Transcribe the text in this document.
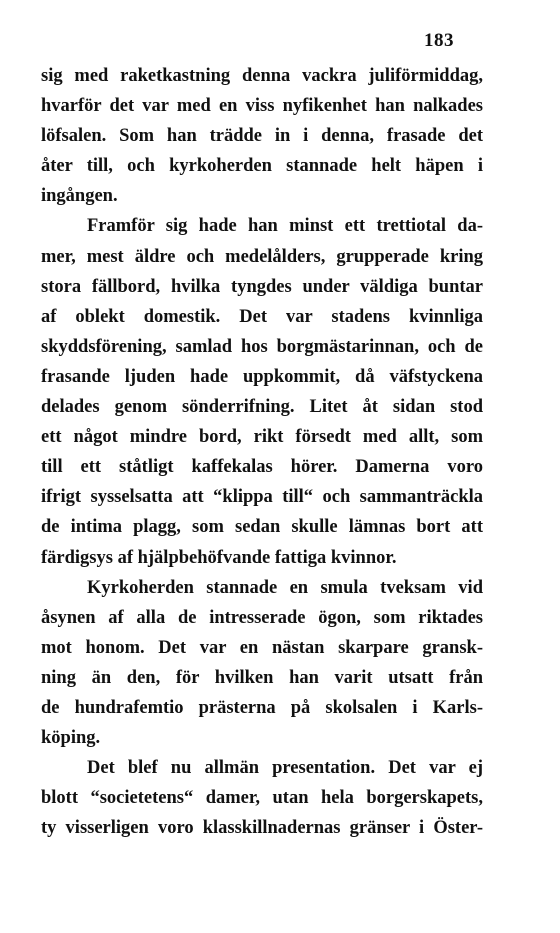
183
sig med raketkastning denna vackra juliförmiddag,
hvarför det var med en viss nyfikenhet han nalkades
löfsalen. Som han trädde in i denna, frasade det
åter till, och kyrkoherden stannade helt häpen i
ingången.
Framför sig hade han minst ett trettiotal da-
mer, mest äldre och medelålders, grupperade kring
stora fällbord, hvilka tyngdes under väldiga buntar
af oblekt domestik. Det var stadens kvinnliga
skyddsförening, samlad hos borgmästarinnan, och de
frasande ljuden hade uppkommit, då väfstyckena
delades genom sönderrifning. Litet åt sidan stod
ett något mindre bord, rikt försedt med allt, som
till ett ståtligt kaffekalas hörer. Damerna voro
ifrigt sysselsatta att “klippa till“ och sammanträckla
de intima plagg, som sedan skulle lämnas bort att
färdigsys af hjälpbehöfvande fattiga kvinnor.
Kyrkoherden stannade en smula tveksam vid
åsynen af alla de intresserade ögon, som riktades
mot honom. Det var en nästan skarpare gransk-
ning än den, för hvilken han varit utsatt från
de hundrafemtio prästerna på skolsalen i Karls-
köping.
Det blef nu allmän presentation. Det var ej
blott “societetens“ damer, utan hela borgerskapets,
ty visserligen voro klasskillnadernas gränser i Öster-
